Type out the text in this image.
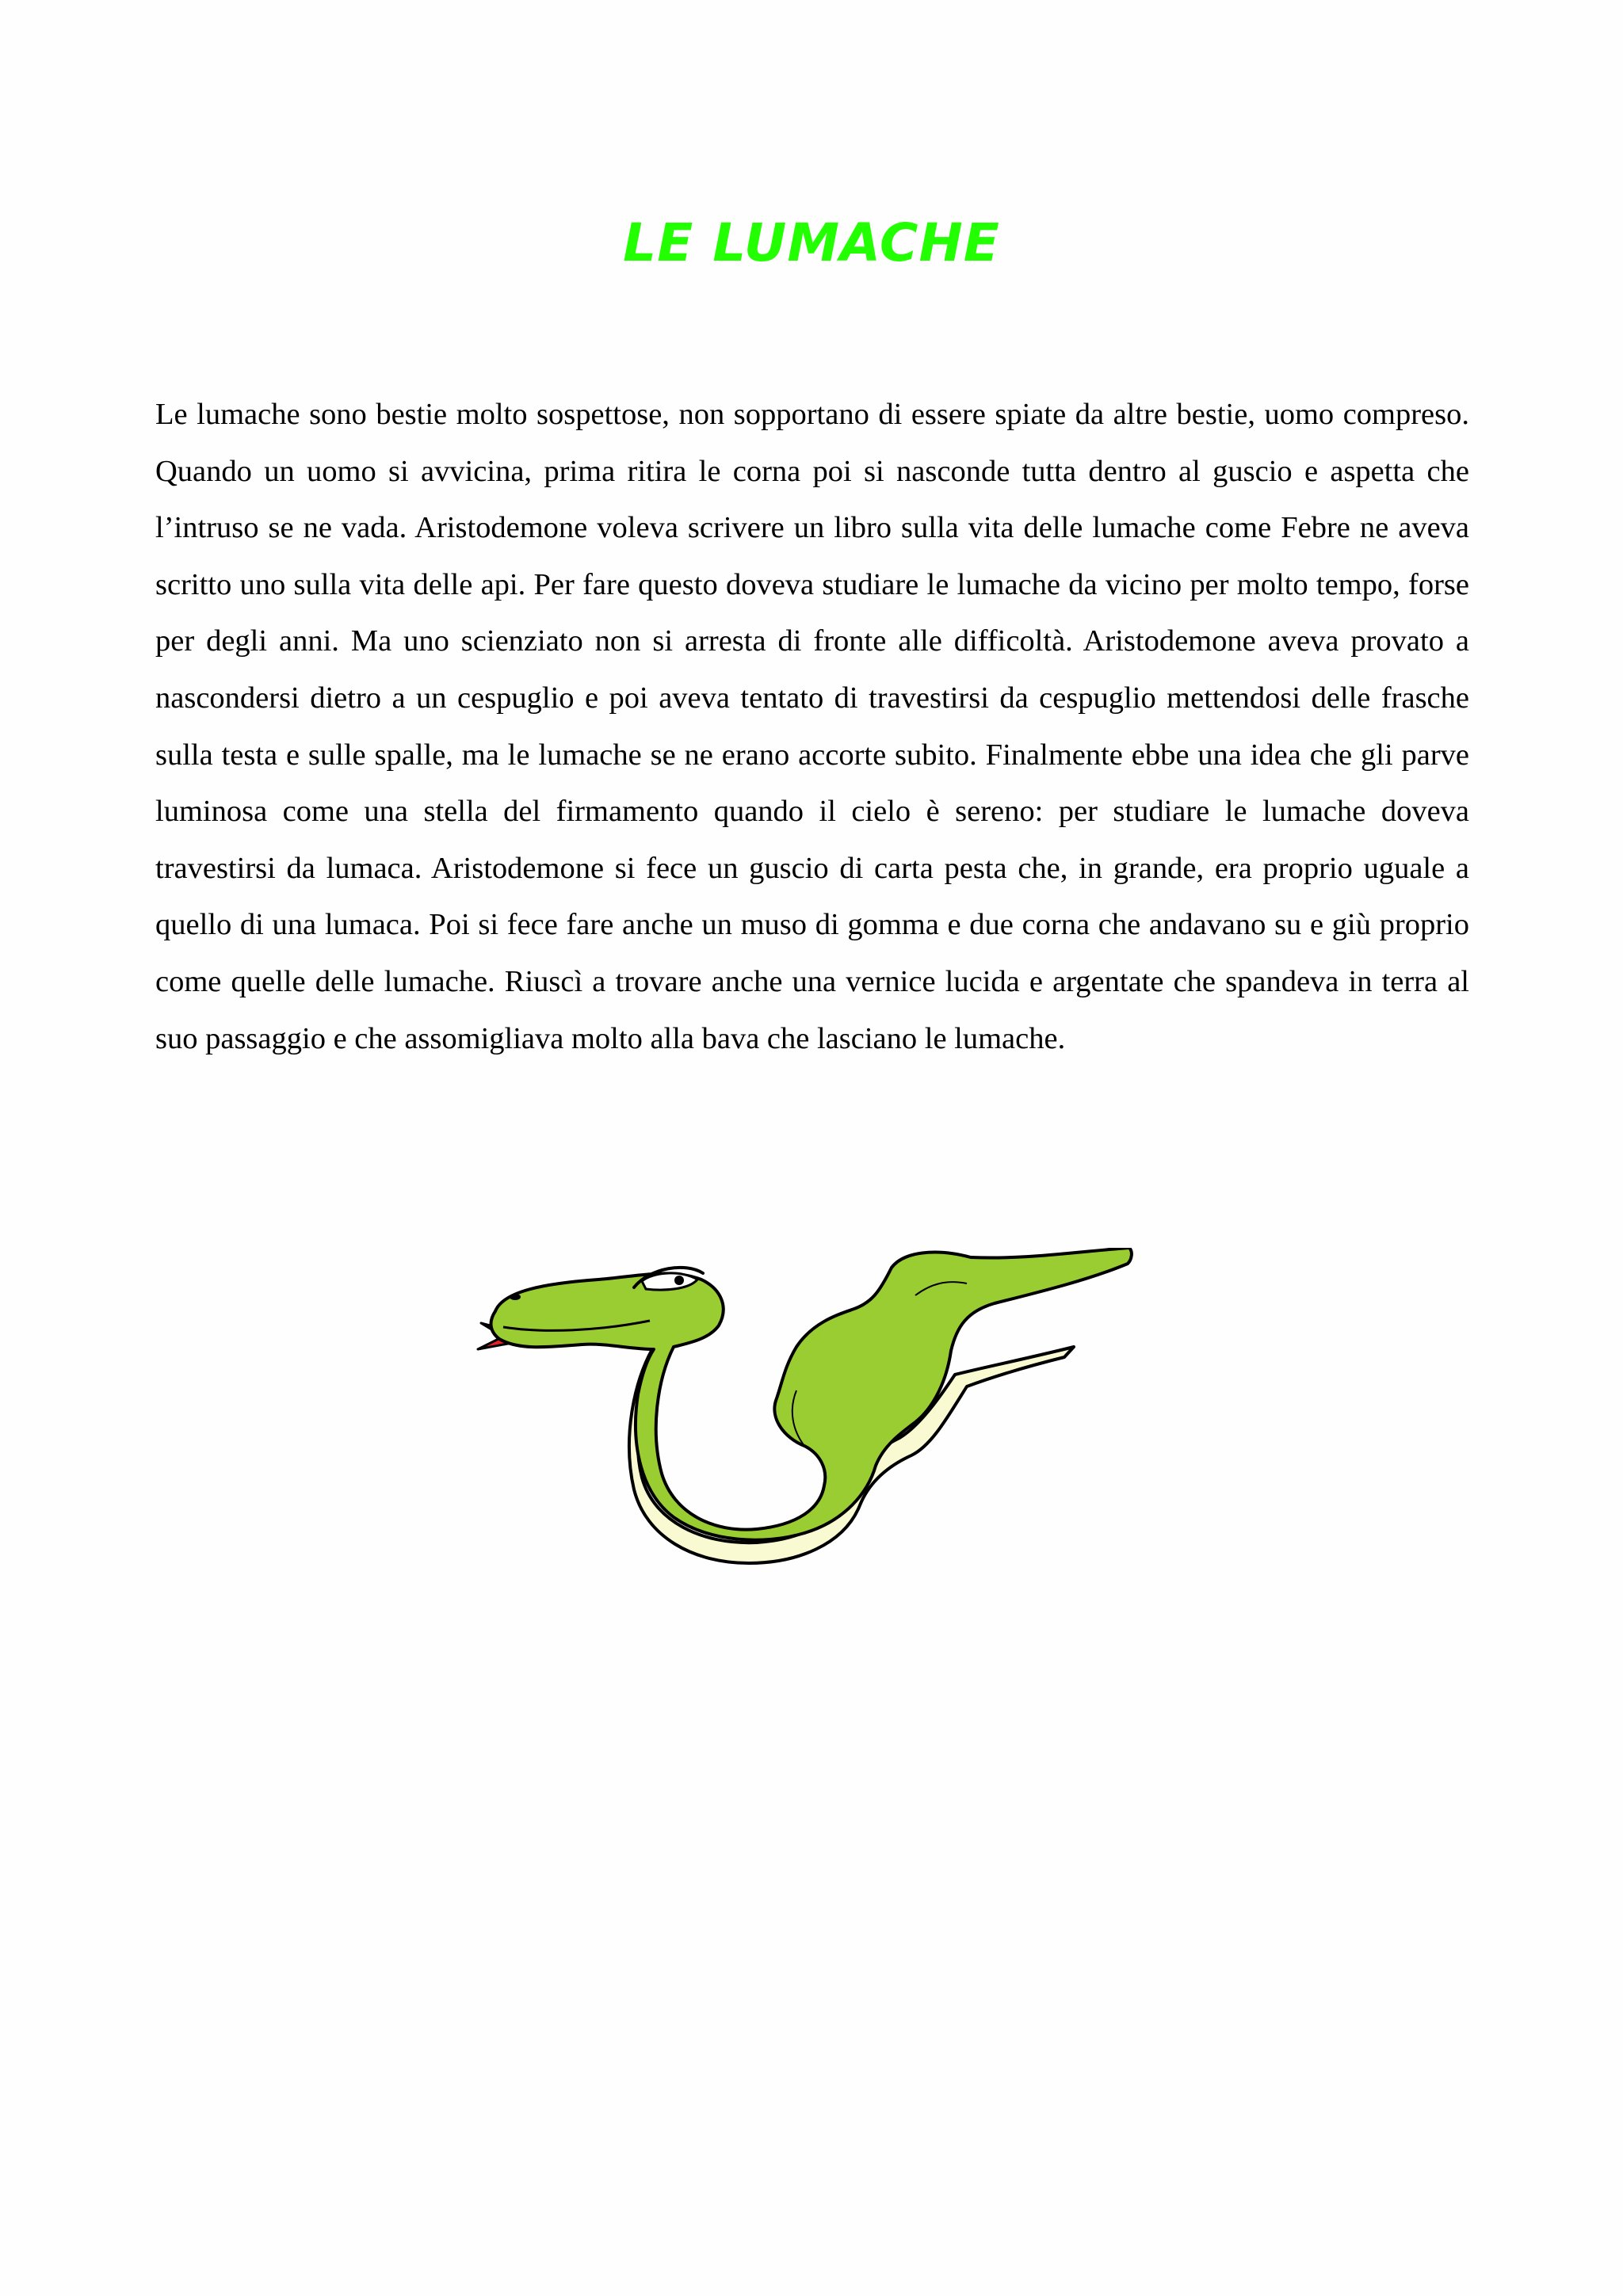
LE LUMACHE

Le lumache sono bestie molto sospettose, non sopportano di essere spiate da altre bestie, uomo compreso. Quando un uomo si avvicina, prima ritira le corna poi si nasconde tutta dentro al guscio e aspetta che l’intruso se ne vada. Aristodemone voleva scrivere un libro sulla vita delle lumache come Febre ne aveva scritto uno sulla vita delle api. Per fare questo doveva studiare le lumache da vicino per molto tempo, forse per degli anni. Ma uno scienziato non si arresta di fronte alle difficoltà. Aristodemone aveva provato a nascondersi dietro a un cespuglio e poi aveva tentato di travestirsi da cespuglio mettendosi delle frasche sulla testa e sulle spalle, ma le lumache se ne erano accorte subito. Finalmente ebbe una idea che gli parve luminosa come una stella del firmamento quando il cielo è sereno: per studiare le lumache doveva travestirsi da lumaca. Aristodemone si fece un guscio di carta pesta che, in grande, era proprio uguale a quello di una lumaca. Poi si fece fare anche un muso di gomma e due corna che andavano su e giù proprio come quelle delle lumache. Riuscì a trovare anche una vernice lucida e argentate che spandeva in terra al suo passaggio e che assomigliava molto alla bava che lasciano le lumache.
